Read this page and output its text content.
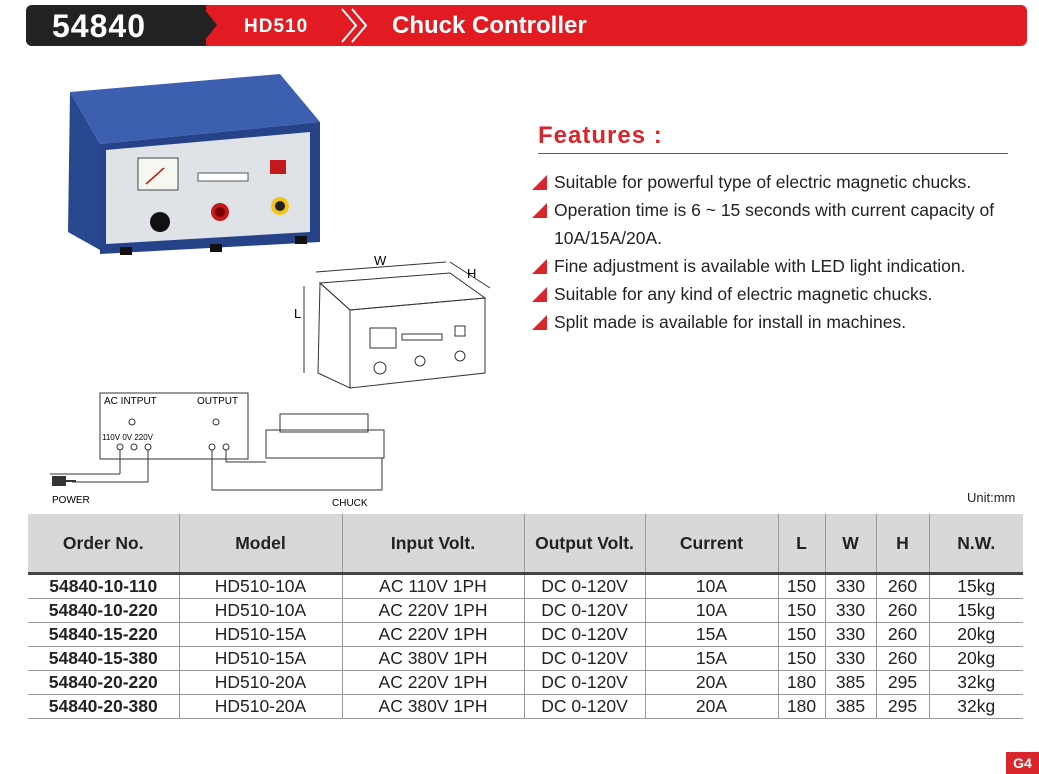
54840	HD510	Chuck Controller
W
H
L
AC INTPUT	OUTPUT
110V 0V 220V
POWER	CHUCK
Features :
Suitable for powerful type of electric magnetic chucks.
Operation time is 6 ~ 15 seconds with current capacity of 10A/15A/20A.
Fine adjustment is available with LED light indication.
Suitable for any kind of electric magnetic chucks.
Split made is available for install in machines.
Unit:mm
Order No.	Model	Input Volt.	Output Volt.	Current	L	W	H	N.W.
54840-10-110	HD510-10A	AC 110V 1PH	DC 0-120V	10A	150	330	260	15kg
54840-10-220	HD510-10A	AC 220V 1PH	DC 0-120V	10A	150	330	260	15kg
54840-15-220	HD510-15A	AC 220V 1PH	DC 0-120V	15A	150	330	260	20kg
54840-15-380	HD510-15A	AC 380V 1PH	DC 0-120V	15A	150	330	260	20kg
54840-20-220	HD510-20A	AC 220V 1PH	DC 0-120V	20A	180	385	295	32kg
54840-20-380	HD510-20A	AC 380V 1PH	DC 0-120V	20A	180	385	295	32kg
G4
